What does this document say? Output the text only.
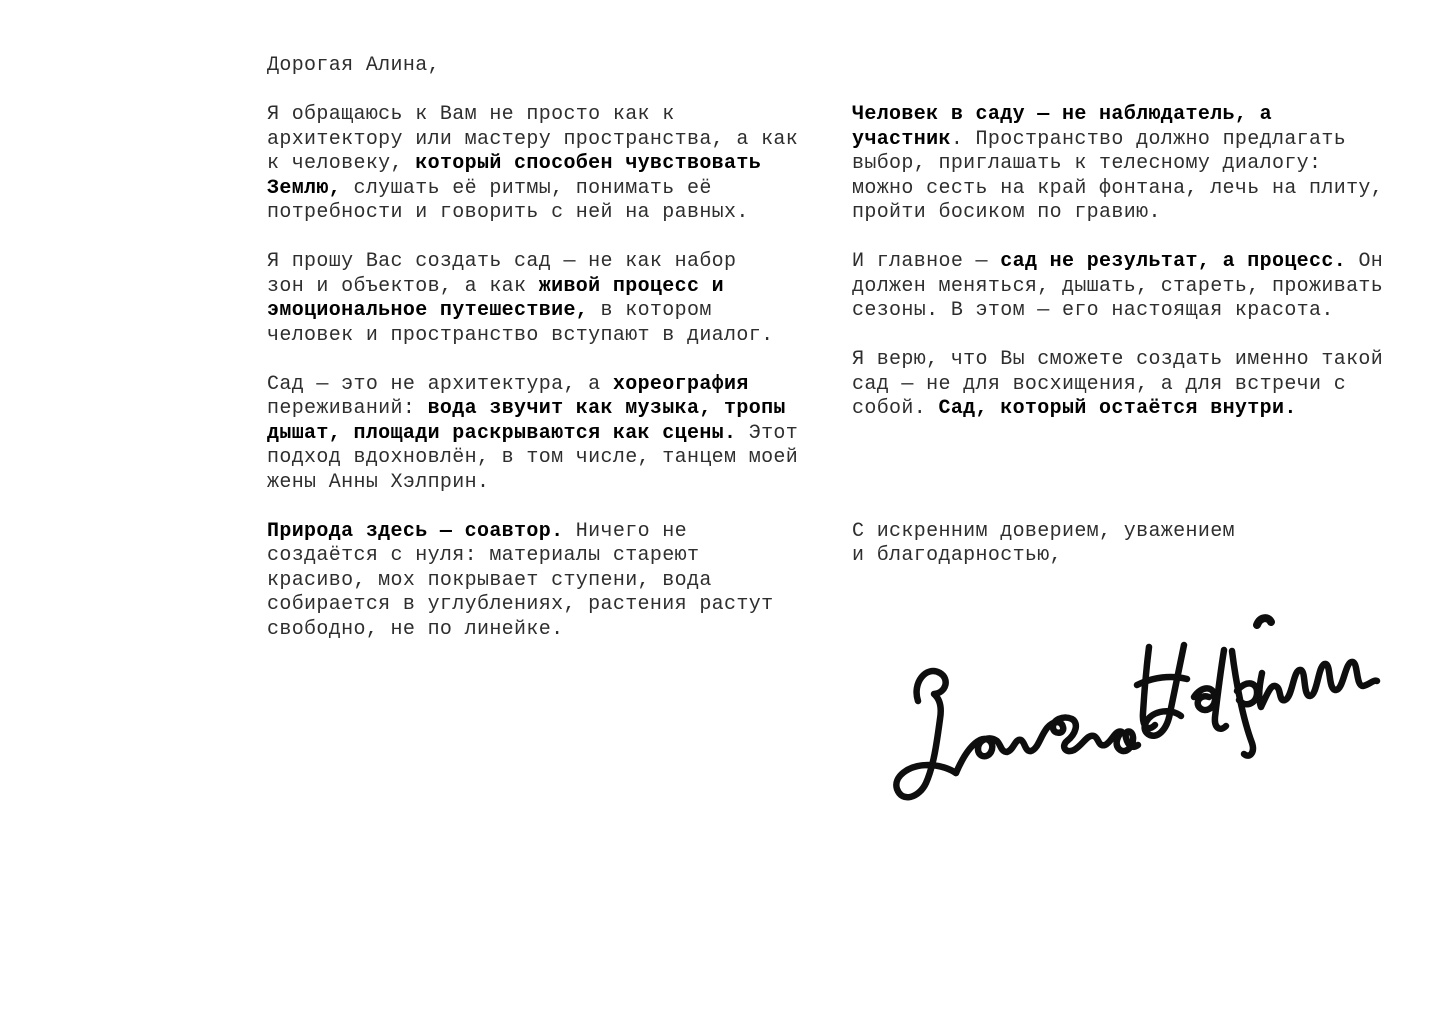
Дорогая Алина,
Я обращаюсь к Вам не просто как к
архитектору или мастеру пространства, а как
к человеку, который способен чувствовать
Землю, слушать её ритмы, понимать её
потребности и говорить с ней на равных.
Я прошу Вас создать сад — не как набор
зон и объектов, а как живой процесс и
эмоциональное путешествие, в котором
человек и пространство вступают в диалог.
Сад — это не архитектура, а хореография
переживаний: вода звучит как музыка, тропы
дышат, площади раскрываются как сцены. Этот
подход вдохновлён, в том числе, танцем моей
жены Анны Хэлприн.
Природа здесь — соавтор. Ничего не
создаётся с нуля: материалы стареют
красиво, мох покрывает ступени, вода
собирается в углублениях, растения растут
свободно, не по линейке.
Человек в саду — не наблюдатель, а
участник. Пространство должно предлагать
выбор, приглашать к телесному диалогу:
можно сесть на край фонтана, лечь на плиту,
пройти босиком по гравию.
И главное — сад не результат, а процесс. Он
должен меняться, дышать, стареть, проживать
сезоны. В этом — его настоящая красота.
Я верю, что Вы сможете создать именно такой
сад — не для восхищения, а для встречи с
собой. Сад, который остаётся внутри.
С искренним доверием, уважением
и благодарностью,
